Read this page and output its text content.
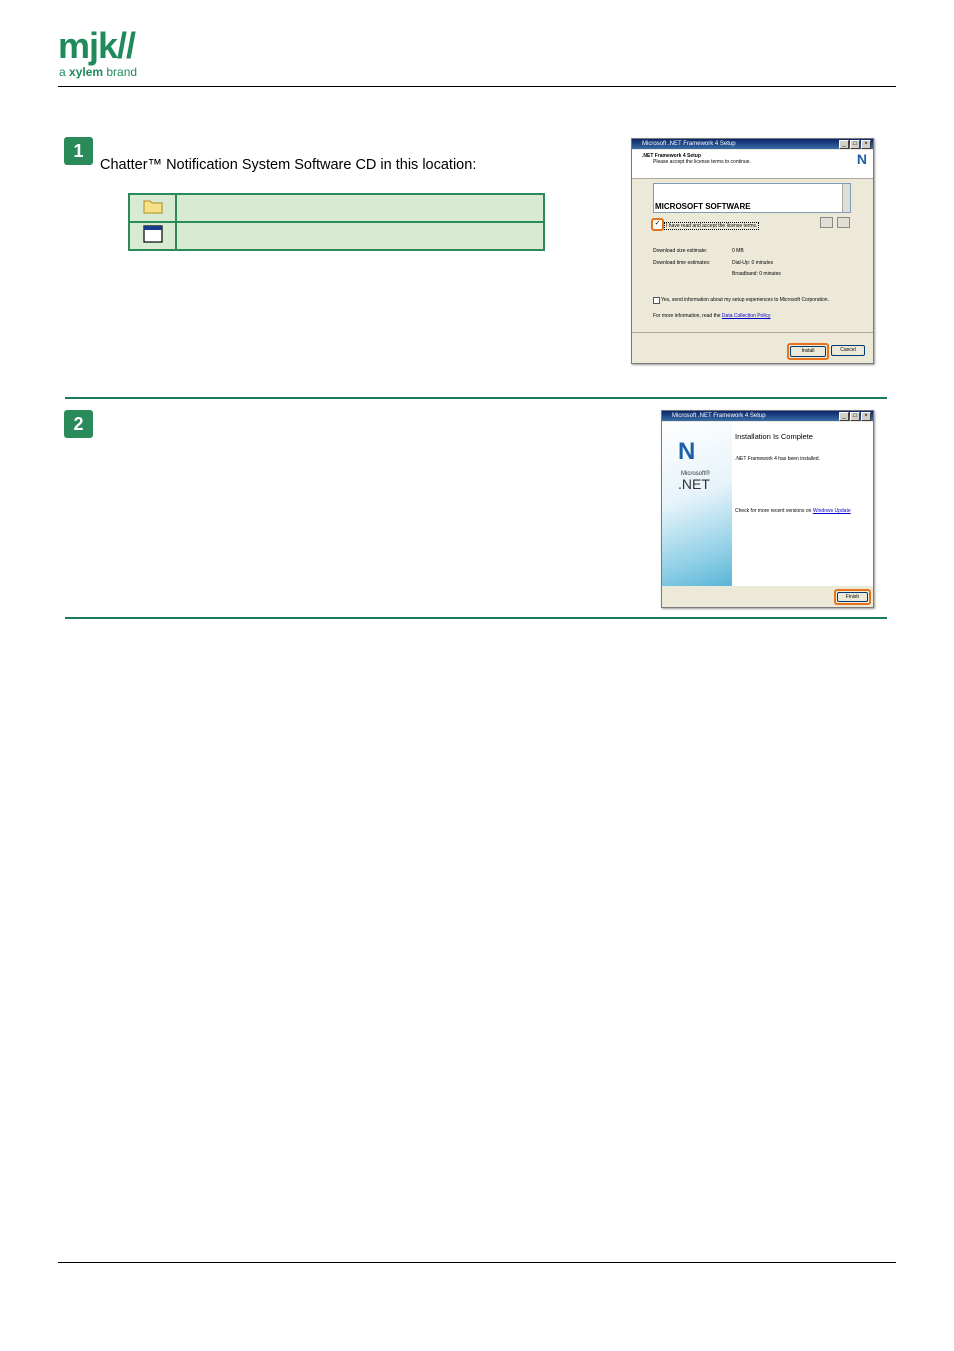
mjk//
a xylem brand
1
Chatter™ Notification System Software CD in this location:

Microsoft .NET Framework 4 Setup	_	□	×
.NET Framework 4 Setup
Please accept the license terms to continue.	N
MICROSOFT SOFTWARE
✓	I have read and accept the license terms.
Download size estimate:	0 MB
Download time estimates:	Dial-Up: 0 minutes
Broadband: 0 minutes
Yes, send information about my setup experiences to Microsoft Corporation.
For more information, read the Data Collection Policy
Install	Cancel
2	Microsoft .NET Framework 4 Setup	_	□	×
N
Microsoft®
.NET
Installation Is Complete
.NET Framework 4 has been installed.
Check for more recent versions on Windows Update
Finish
